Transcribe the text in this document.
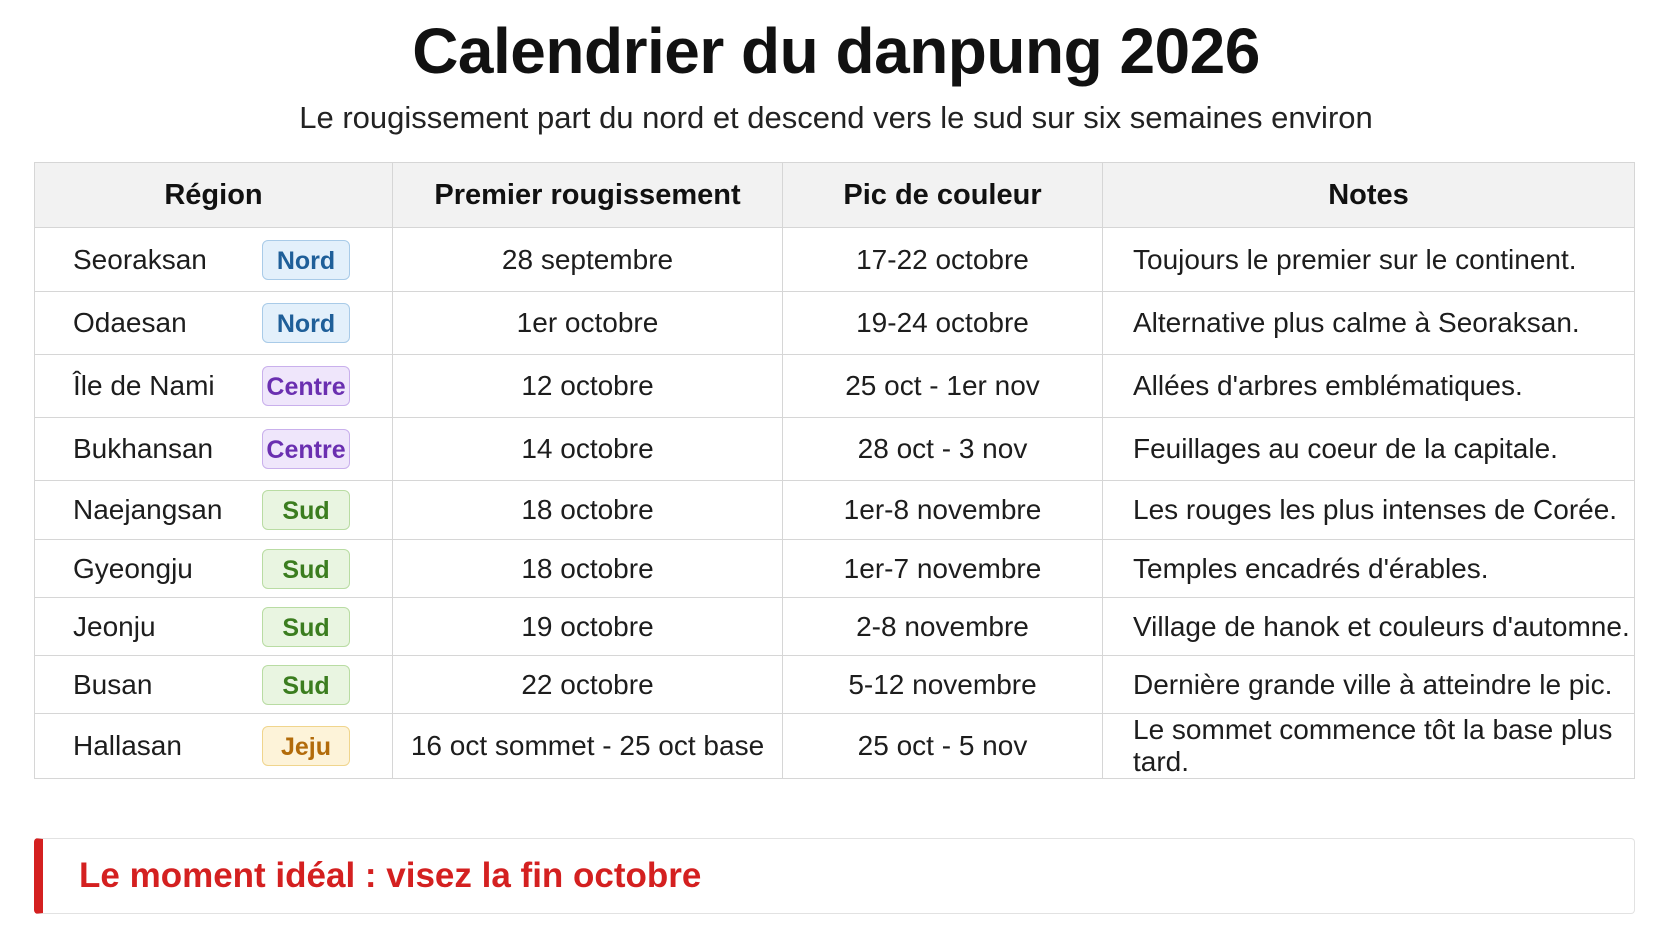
Calendrier du danpung 2026
Le rougissement part du nord et descend vers le sud sur six semaines environ
Région	Premier rougissement	Pic de couleur	Notes

Seoraksan Nord	28 septembre	17-22 octobre	Toujours le premier sur le continent.

Odaesan Nord	1er octobre	19-24 octobre	Alternative plus calme à Seoraksan.

Île de Nami Centre	12 octobre	25 oct - 1er nov	Allées d'arbres emblématiques.

Bukhansan Centre	14 octobre	28 oct - 3 nov	Feuillages au coeur de la capitale.

Naejangsan Sud	18 octobre	1er-8 novembre	Les rouges les plus intenses de Corée.

Gyeongju Sud	18 octobre	1er-7 novembre	Temples encadrés d'érables.

Jeonju Sud	19 octobre	2-8 novembre	Village de hanok et couleurs d'automne.

Busan Sud	22 octobre	5-12 novembre	Dernière grande ville à atteindre le pic.

Hallasan Jeju	16 oct sommet - 25 oct base	25 oct - 5 nov	Le sommet commence tôt la base plus tard.
Le moment idéal : visez la fin octobre
